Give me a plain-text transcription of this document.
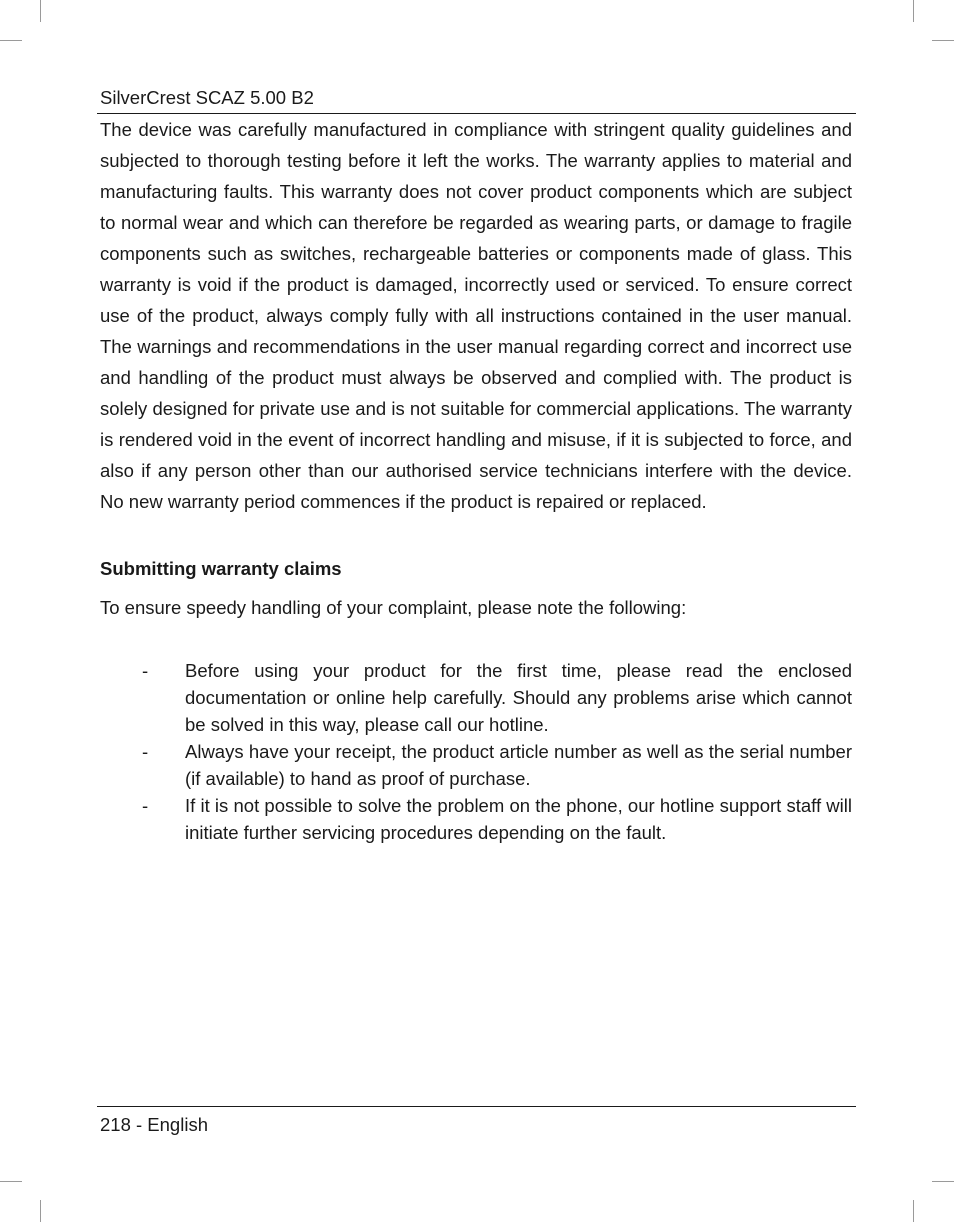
SilverCrest SCAZ 5.00 B2

The device was carefully manufactured in compliance with stringent quality guidelines and subjected to thorough testing before it left the works. The warranty applies to material and manufacturing faults. This warranty does not cover product components which are subject to normal wear and which can therefore be regarded as wearing parts, or damage to fragile components such as switches, rechargeable batteries or components made of glass. This warranty is void if the product is damaged, incorrectly used or serviced. To ensure correct use of the product, always comply fully with all instructions contained in the user manual. The warnings and recommendations in the user manual regarding correct and incorrect use and handling of the product must always be observed and complied with. The product is solely designed for private use and is not suitable for commercial applications. The warranty is rendered void in the event of incorrect handling and misuse, if it is subjected to force, and also if any person other than our authorised service technicians interfere with the device. No new warranty period commences if the product is repaired or replaced.

Submitting warranty claims

To ensure speedy handling of your complaint, please note the following:

-	Before using your product for the first time, please read the enclosed documentation or online help carefully. Should any problems arise which cannot be solved in this way, please call our hotline.
-	Always have your receipt, the product article number as well as the serial number (if available) to hand as proof of purchase.
-	If it is not possible to solve the problem on the phone, our hotline support staff will initiate further servicing procedures depending on the fault.
218 - English
